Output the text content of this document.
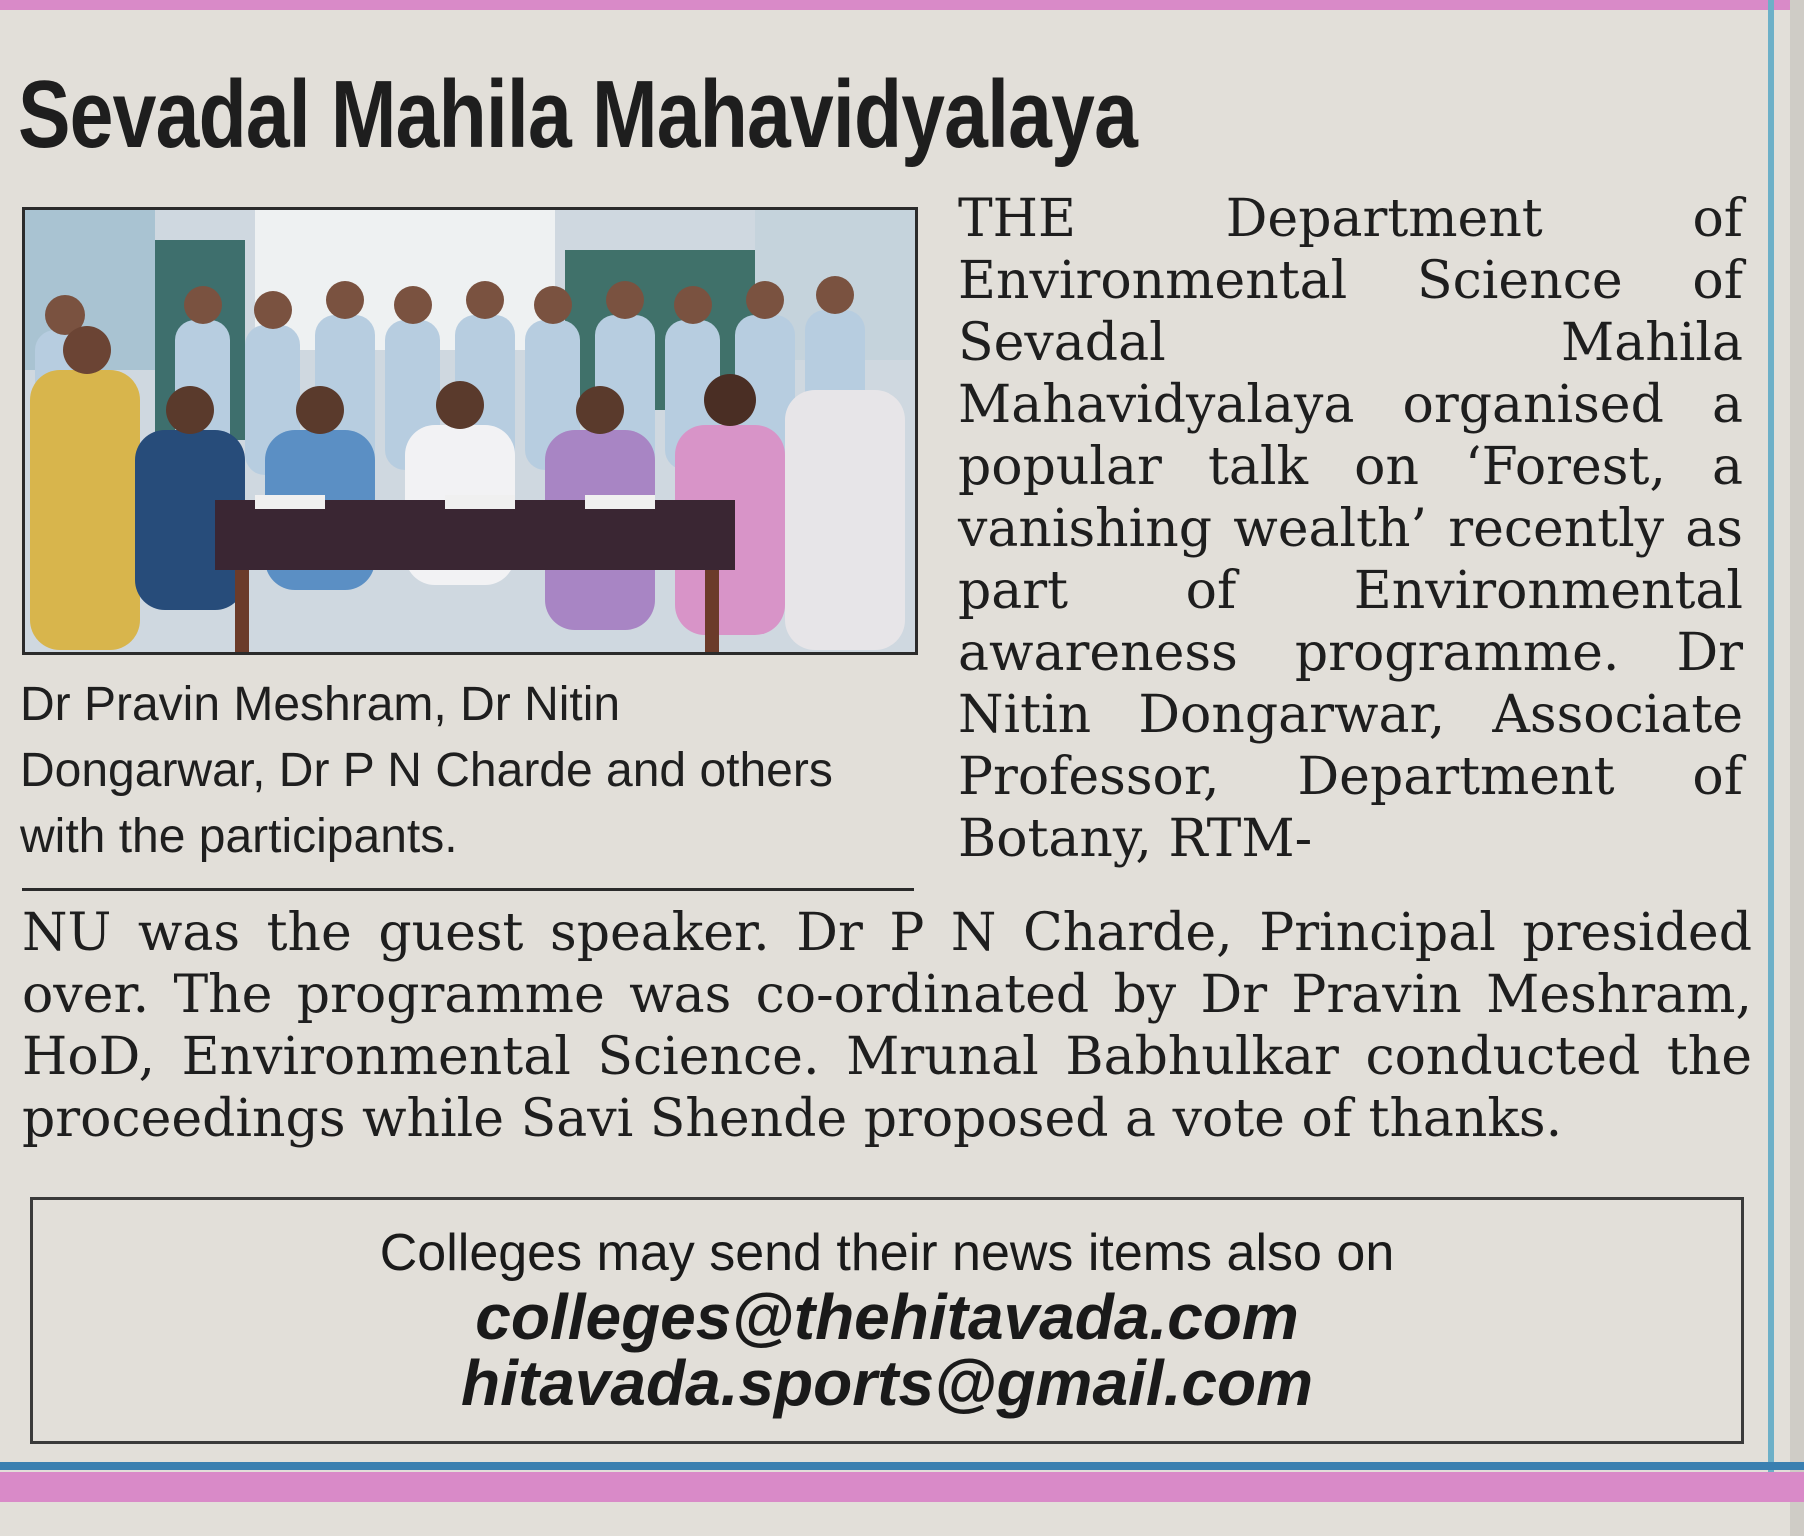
Sevadal Mahila Mahavidyalaya
Dr Pravin Meshram, Dr Nitin Dongarwar, Dr P N Charde and others with the participants.
THE Department of Environmental Science of Sevadal Mahila Mahavidyalaya organised a popular talk on ‘Forest, a vanishing wealth’ recently as part of Environmental awareness programme. Dr Nitin Dongarwar, Associate Professor, Department of Botany, RTM-
NU was the guest speaker. Dr P N Charde, Principal presided over. The programme was co-ordinated by Dr Pravin Meshram, HoD, Environmental Science. Mrunal Babhulkar conducted the proceedings while Savi Shende proposed a vote of thanks.
Colleges may send their news items also on
colleges@thehitavada.com
hitavada.sports@gmail.com
